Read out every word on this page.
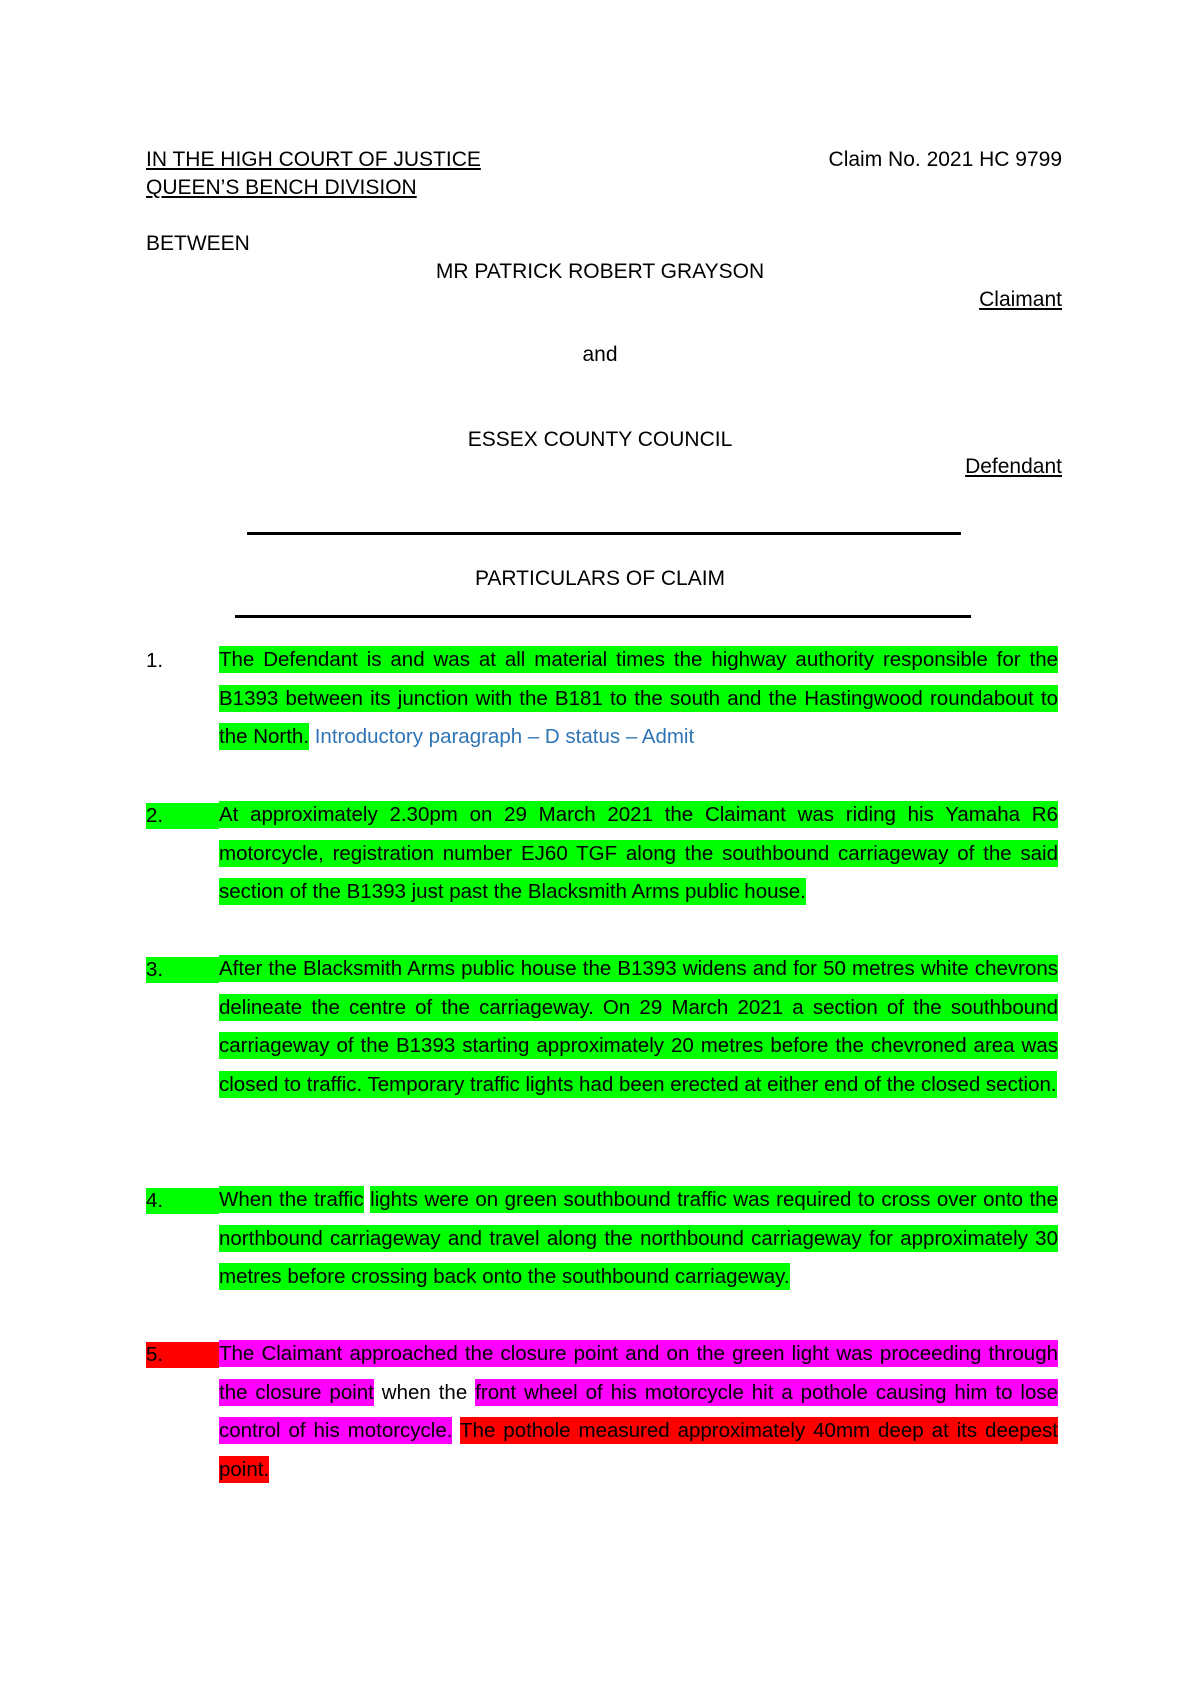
IN THE HIGH COURT OF JUSTICE
QUEEN’S BENCH DIVISION
Claim No. 2021 HC 9799
BETWEEN
MR PATRICK ROBERT GRAYSON
Claimant
and
ESSEX COUNTY COUNCIL
Defendant
PARTICULARS OF CLAIM
1.	The Defendant is and was at all material times the highway authority responsible for the B1393 between its junction with the B181 to the south and the Hastingwood roundabout to the North. Introductory paragraph – D status – Admit
2.	At approximately 2.30pm on 29 March 2021 the Claimant was riding his Yamaha R6 motorcycle, registration number EJ60 TGF along the southbound carriageway of the said section of the B1393 just past the Blacksmith Arms public house.
3.	After the Blacksmith Arms public house the B1393 widens and for 50 metres white chevrons delineate the centre of the carriageway. On 29 March 2021 a section of the southbound carriageway of the B1393 starting approximately 20 metres before the chevroned area was closed to traffic. Temporary traffic lights had been erected at either end of the closed section.
4.	When the traffic lights were on green southbound traffic was required to cross over onto the northbound carriageway and travel along the northbound carriageway for approximately 30 metres before crossing back onto the southbound carriageway.
5.	The Claimant approached the closure point and on the green light was proceeding through the closure point when the front wheel of his motorcycle hit a pothole causing him to lose control of his motorcycle. The pothole measured approximately 40mm deep at its deepest point.
